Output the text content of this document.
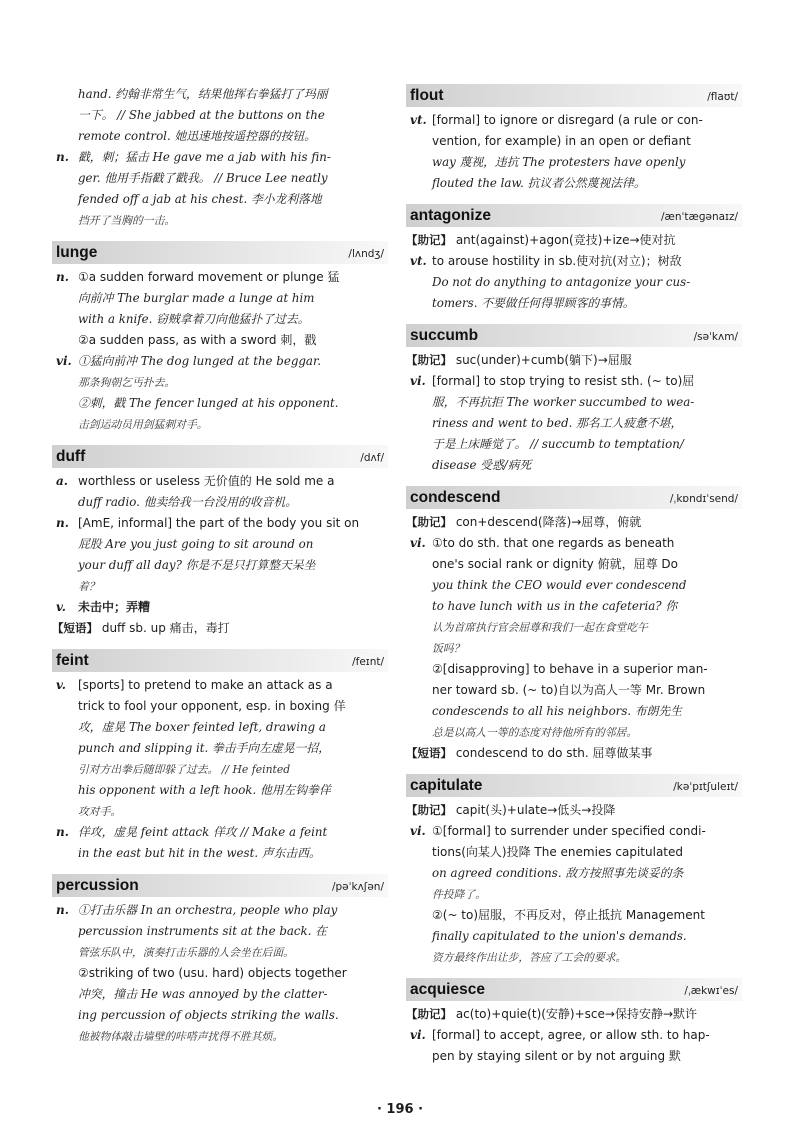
hand. 约翰非常生气，结果他挥右拳猛打了玛丽
一下。 // She jabbed at the buttons on the
remote control. 她迅速地按遥控器的按钮。
n. 戳，刺；猛击 He gave me a jab with his fin-
ger. 他用手指戳了戳我。 // Bruce Lee neatly
fended off a jab at his chest. 李小龙利落地
挡开了当胸的一击。
lunge	/lʌndʒ/
n. ①a sudden forward movement or plunge 猛
向前冲 The burglar made a lunge at him
with a knife. 窃贼拿着刀向他猛扑了过去。
②a sudden pass, as with a sword 刺，戳
vi. ①猛向前冲 The dog lunged at the beggar.
那条狗朝乞丐扑去。
②刺，戳 The fencer lunged at his opponent.
击剑运动员用剑猛刺对手。
duff	/dʌf/
a. worthless or useless 无价值的 He sold me a
duff radio. 他卖给我一台没用的收音机。
n. [AmE, informal] the part of the body you sit on
屁股 Are you just going to sit around on
your duff all day? 你是不是只打算整天呆坐
着？
v. 未击中；弄糟
【短语】 duff sb. up 痛击，毒打
feint	/feɪnt/
v. [sports] to pretend to make an attack as a
trick to fool your opponent, esp. in boxing 佯
攻，虚晃 The boxer feinted left, drawing a
punch and slipping it. 拳击手向左虚晃一招，
引对方出拳后随即躲了过去。 // He feinted
his opponent with a left hook. 他用左钩拳佯
攻对手。
n. 佯攻，虚晃 feint attack 佯攻 // Make a feint
in the east but hit in the west. 声东击西。
percussion	/pəˈkʌʃən/
n. ①打击乐器 In an orchestra, people who play
percussion instruments sit at the back. 在
管弦乐队中，演奏打击乐器的人会坐在后面。
②striking of two (usu. hard) objects together
冲突，撞击 He was annoyed by the clatter-
ing percussion of objects striking the walls.
他被物体敲击墙壁的咔嗒声扰得不胜其烦。
flout	/flaʊt/
vt. [formal] to ignore or disregard (a rule or con-
vention, for example) in an open or defiant
way 蔑视，违抗 The protesters have openly
flouted the law. 抗议者公然蔑视法律。
antagonize	/ænˈtæɡənaɪz/
【助记】 ant(against)+agon(竞技)+ize→使对抗
vt. to arouse hostility in sb.使对抗(对立)；树敌
Do not do anything to antagonize your cus-
tomers. 不要做任何得罪顾客的事情。
succumb	/səˈkʌm/
【助记】 suc(under)+cumb(躺下)→屈服
vi. [formal] to stop trying to resist sth. (~ to)屈
服，不再抗拒 The worker succumbed to wea-
riness and went to bed. 那名工人疲惫不堪，
于是上床睡觉了。 // succumb to temptation/
disease 受惑/病死
condescend	/ˌkɒndɪˈsend/
【助记】 con+descend(降落)→屈尊，俯就
vi. ①to do sth. that one regards as beneath
one's social rank or dignity 俯就，屈尊 Do
you think the CEO would ever condescend
to have lunch with us in the cafeteria? 你
认为首席执行官会屈尊和我们一起在食堂吃午
饭吗？
②[disapproving] to behave in a superior man-
ner toward sb. (~ to)自以为高人一等 Mr. Brown
condescends to all his neighbors. 布朗先生
总是以高人一等的态度对待他所有的邻居。
【短语】 condescend to do sth. 屈尊做某事
capitulate	/kəˈpɪtʃuleɪt/
【助记】 capit(头)+ulate→低头→投降
vi. ①[formal] to surrender under specified condi-
tions(向某人)投降 The enemies capitulated
on agreed conditions. 敌方按照事先谈妥的条
件投降了。
②(~ to)屈服，不再反对，停止抵抗 Management
finally capitulated to the union's demands.
资方最终作出让步，答应了工会的要求。
acquiesce	/ˌækwɪˈes/
【助记】 ac(to)+quie(t)(安静)+sce→保持安静→默许
vi. [formal] to accept, agree, or allow sth. to hap-
pen by staying silent or by not arguing 默
· 196 ·
